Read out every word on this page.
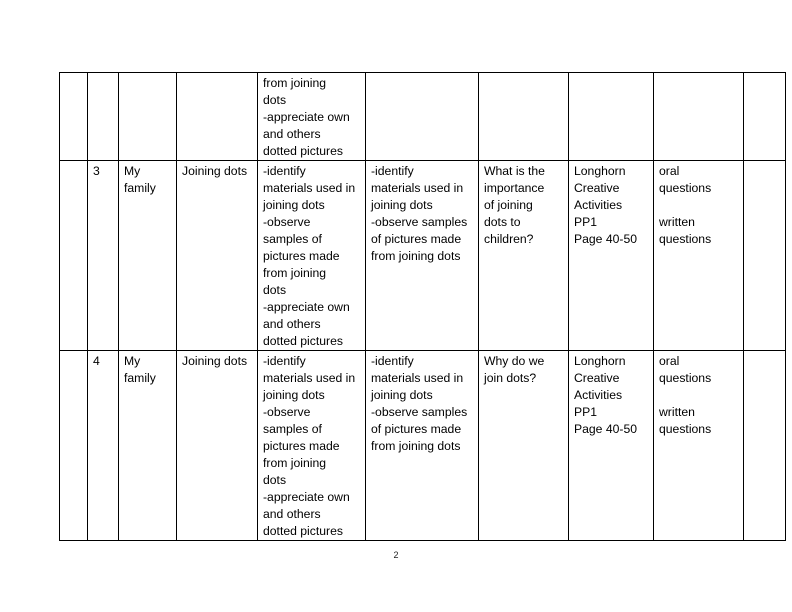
				from joining
dots
-appreciate own
and others
dotted pictures					
	3	My
family	Joining dots	-identify
materials used in
joining dots
-observe
samples of
pictures made
from joining
dots
-appreciate own
and others
dotted pictures	-identify
materials used in
joining dots
-observe samples
of pictures made
from joining dots	What is the
importance
of joining
dots to
children?	Longhorn
Creative
Activities
PP1
Page 40-50	oral
questions

written
questions	
	4	My
family	Joining dots	-identify
materials used in
joining dots
-observe
samples of
pictures made
from joining
dots
-appreciate own
and others
dotted pictures	-identify
materials used in
joining dots
-observe samples
of pictures made
from joining dots	Why do we
join dots?	Longhorn
Creative
Activities
PP1
Page 40-50	oral
questions

written
questions	
2
